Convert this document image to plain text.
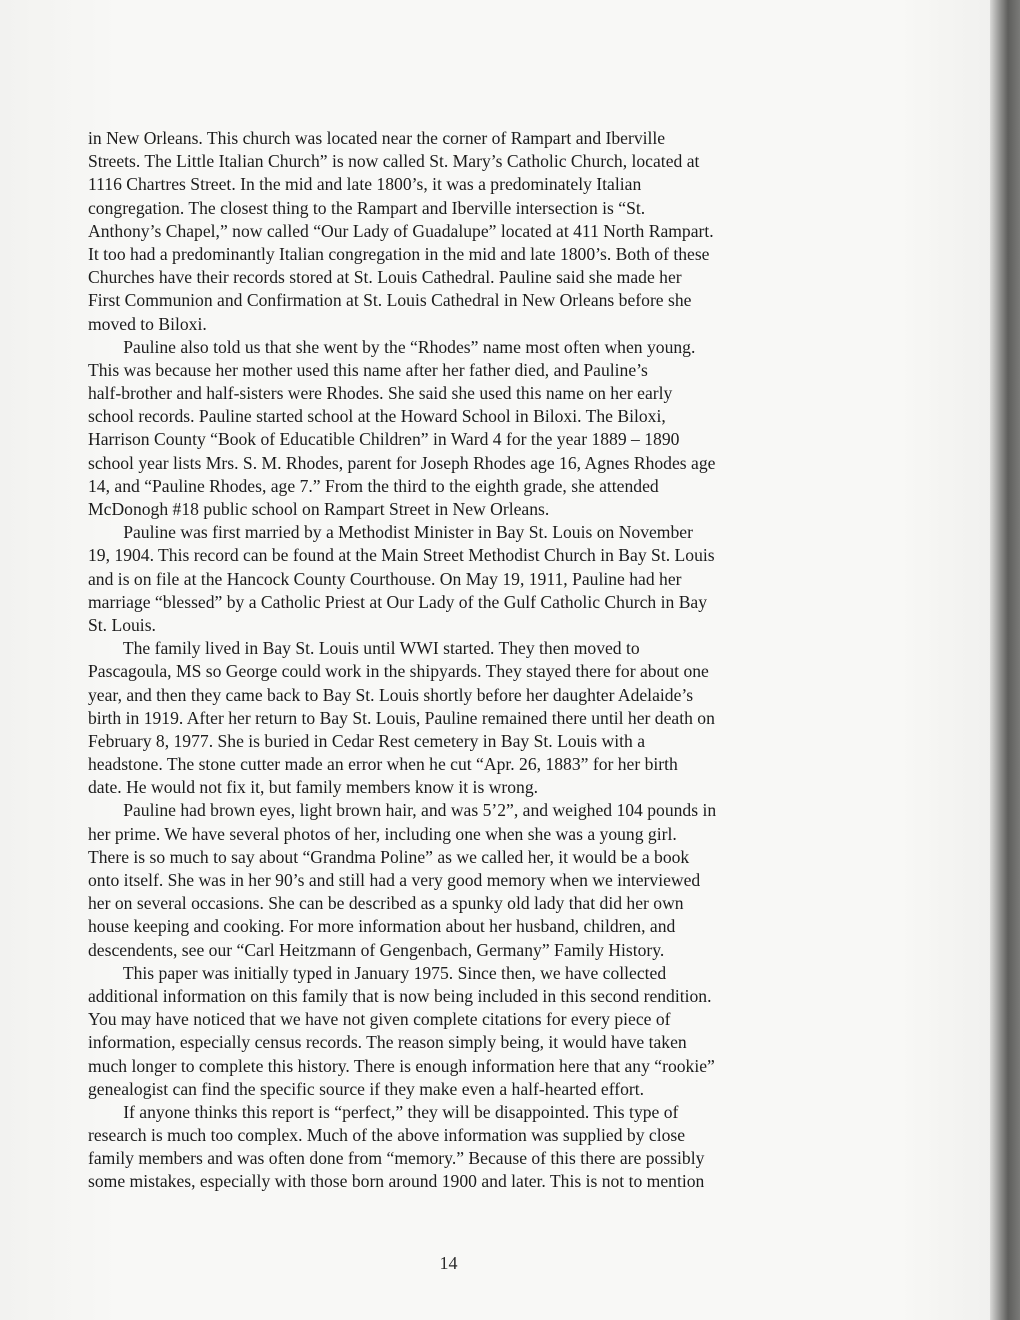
in New Orleans. This church was located near the corner of Rampart and Iberville
Streets. The Little Italian Church” is now called St. Mary’s Catholic Church, located at
1116 Chartres Street. In the mid and late 1800’s, it was a predominately Italian
congregation. The closest thing to the Rampart and Iberville intersection is “St.
Anthony’s Chapel,” now called “Our Lady of Guadalupe” located at 411 North Rampart.
It too had a predominantly Italian congregation in the mid and late 1800’s. Both of these
Churches have their records stored at St. Louis Cathedral. Pauline said she made her
First Communion and Confirmation at St. Louis Cathedral in New Orleans before she
moved to Biloxi.
Pauline also told us that she went by the “Rhodes” name most often when young.
This was because her mother used this name after her father died, and Pauline’s
half-brother and half-sisters were Rhodes. She said she used this name on her early
school records. Pauline started school at the Howard School in Biloxi. The Biloxi,
Harrison County “Book of Educatible Children” in Ward 4 for the year 1889 – 1890
school year lists Mrs. S. M. Rhodes, parent for Joseph Rhodes age 16, Agnes Rhodes age
14, and “Pauline Rhodes, age 7.” From the third to the eighth grade, she attended
McDonogh #18 public school on Rampart Street in New Orleans.
Pauline was first married by a Methodist Minister in Bay St. Louis on November
19, 1904. This record can be found at the Main Street Methodist Church in Bay St. Louis
and is on file at the Hancock County Courthouse. On May 19, 1911, Pauline had her
marriage “blessed” by a Catholic Priest at Our Lady of the Gulf Catholic Church in Bay
St. Louis.
The family lived in Bay St. Louis until WWI started. They then moved to
Pascagoula, MS so George could work in the shipyards. They stayed there for about one
year, and then they came back to Bay St. Louis shortly before her daughter Adelaide’s
birth in 1919. After her return to Bay St. Louis, Pauline remained there until her death on
February 8, 1977. She is buried in Cedar Rest cemetery in Bay St. Louis with a
headstone. The stone cutter made an error when he cut “Apr. 26, 1883” for her birth
date. He would not fix it, but family members know it is wrong.
Pauline had brown eyes, light brown hair, and was 5’2”, and weighed 104 pounds in
her prime. We have several photos of her, including one when she was a young girl.
There is so much to say about “Grandma Poline” as we called her, it would be a book
onto itself. She was in her 90’s and still had a very good memory when we interviewed
her on several occasions. She can be described as a spunky old lady that did her own
house keeping and cooking. For more information about her husband, children, and
descendents, see our “Carl Heitzmann of Gengenbach, Germany” Family History.
This paper was initially typed in January 1975. Since then, we have collected
additional information on this family that is now being included in this second rendition.
You may have noticed that we have not given complete citations for every piece of
information, especially census records. The reason simply being, it would have taken
much longer to complete this history. There is enough information here that any “rookie”
genealogist can find the specific source if they make even a half-hearted effort.
If anyone thinks this report is “perfect,” they will be disappointed. This type of
research is much too complex. Much of the above information was supplied by close
family members and was often done from “memory.” Because of this there are possibly
some mistakes, especially with those born around 1900 and later. This is not to mention
14
